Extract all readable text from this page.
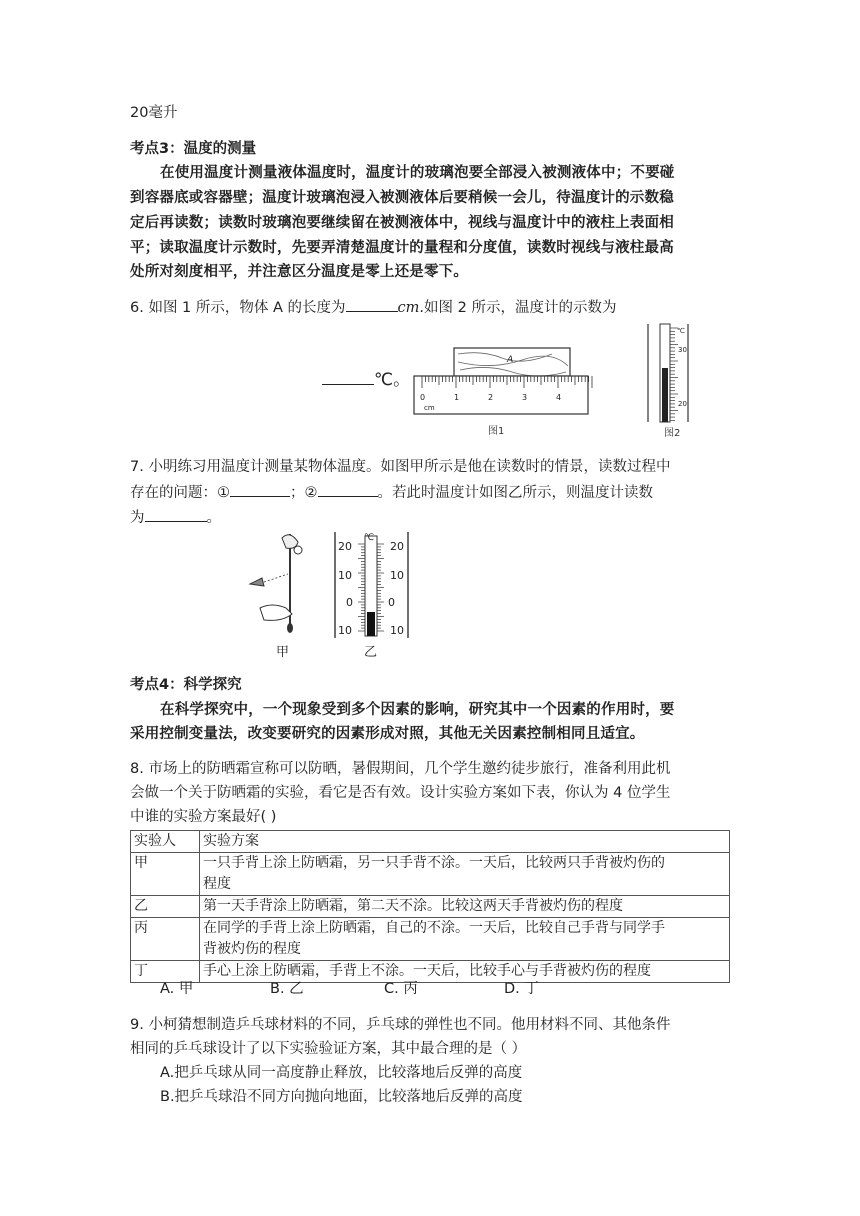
20毫升
考点3：温度的测量
在使用温度计测量液体温度时，温度计的玻璃泡要全部浸入被测液体中；不要碰
到容器底或容器壁；温度计玻璃泡浸入被测液体后要稍候一会儿，待温度计的示数稳
定后再读数；读数时玻璃泡要继续留在被测液体中，视线与温度计中的液柱上表面相
平；读取温度计示数时，先要弄清楚温度计的量程和分度值，读数时视线与液柱最高
处所对刻度相平，并注意区分温度是零上还是零下。
6. 如图 1 所示，物体 A 的长度为	cm.如图 2 所示，温度计的示数为
℃。
A
0	1	2	3	4
cm
图1
℃
30
20
图2
7. 小明练习用温度计测量某物体温度。如图甲所示是他在读数时的情景，读数过程中
存在的问题：①	；②	。若此时温度计如图乙所示，则温度计读数
为	。
甲
℃
20
10
0
10
20
10
0
10
乙
考点4：科学探究
在科学探究中，一个现象受到多个因素的影响，研究其中一个因素的作用时，要
采用控制变量法，改变要研究的因素形成对照，其他无关因素控制相同且适宜。
8. 市场上的防晒霜宣称可以防晒，暑假期间，几个学生邀约徒步旅行，准备利用此机
会做一个关于防晒霜的实验，看它是否有效。设计实验方案如下表，你认为 4 位学生
中谁的实验方案最好( )
实验人	实验方案
甲	一只手背上涂上防晒霜，另一只手背不涂。一天后，比较两只手背被灼伤的
程度

乙	第一天手背涂上防晒霜，第二天不涂。比较这两天手背被灼伤的程度

丙	在同学的手背上涂上防晒霜，自己的不涂。一天后，比较自己手背与同学手
背被灼伤的程度

丁	手心上涂上防晒霜，手背上不涂。一天后，比较手心与手背被灼伤的程度
A. 甲	B. 乙	C. 丙	D. 丁
9. 小柯猜想制造乒乓球材料的不同，乒乓球的弹性也不同。他用材料不同、其他条件
相同的乒乓球设计了以下实验验证方案，其中最合理的是（ ）
A.把乒乓球从同一高度静止释放，比较落地后反弹的高度
B.把乒乓球沿不同方向抛向地面，比较落地后反弹的高度
